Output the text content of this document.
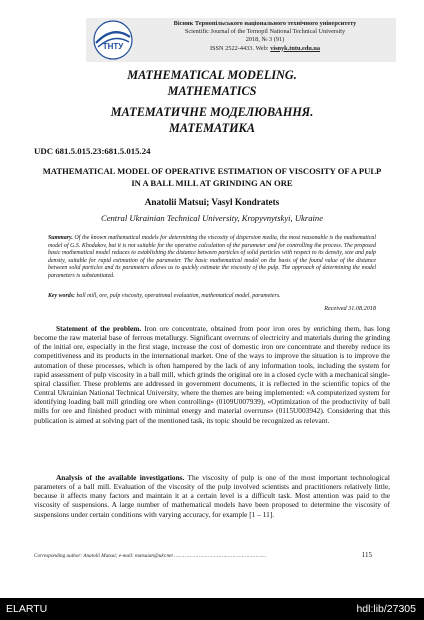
ТНТУ
Вісник Тернопільського національного технічного університету
Scientific Journal of the Ternopil National Technical University
2018, № 3 (91)
ISSN 2522-4433. Web: visnyk.tntu.edu.ua
MATHEMATICAL MODELING.
MATHEMATICS
МАТЕМАТИЧНЕ МОДЕЛЮВАННЯ.
МАТЕМАТИКА
UDC 681.5.015.23:681.5.015.24
MATHEMATICAL MODEL OF OPERATIVE ESTIMATION OF VISCOSITY OF A PULP IN A BALL MILL AT GRINDING AN ORE
Anatolii Matsui; Vasyl Kondratets
Central Ukrainian Technical University, Kropyvnytskyi, Ukraine
Summary. Of the known mathematical models for determining the viscosity of dispersion media, the most reasonable is the mathematical model of G.S. Khodakov, but it is not suitable for the operative calculation of the parameter and for controlling the process. The proposed basic mathematical model reduces to establishing the distance between particles of solid particles with respect to its density, size and pulp density, suitable for rapid estimation of the parameter. The basic mathematical model on the basis of the found value of the distance between solid particles and its parameters allows us to quickly estimate the viscosity of the pulp. The approach of determining the model parameters is substantiated.
Key words: ball mill, ore, pulp viscosity, operational evaluation, mathematical model, parameters.
Received 31.08.2018
Statement of the problem. Iron ore concentrate, obtained from poor iron ores by enriching them, has long become the raw material base of ferrous metallurgy. Significant overruns of electricity and materials during the grinding of the initial ore, especially in the first stage, increase the cost of domestic iron ore concentrate and thereby reduce its competitiveness and its products in the international market. One of the ways to improve the situation is to improve the automation of these processes, which is often hampered by the lack of any information tools, including the system for rapid assessment of pulp viscosity in a ball mill, which grinds the original ore in a closed cycle with a mechanical single-spiral classifier. These problems are addressed in government documents, it is reflected in the scientific topics of the Central Ukrainian National Technical University, where the themes are being implemented: «A computerized system for identifying loading ball mill grinding ore when controlling» (0109U007939), «Optimization of the productivity of ball mills for ore and finished product with minimal energy and material overruns» (0115U003942). Considering that this publication is aimed at solving part of the mentioned task, its topic should be recognized as relevant.
Analysis of the available investigations. The viscosity of pulp is one of the most important technological parameters of a ball mill. Evaluation of the viscosity of the pulp involved scientists and practitioners relatively little, because it affects many factors and maintain it at a certain level is a difficult task. Most attention was paid to the viscosity of suspensions. A large number of mathematical models have been proposed to determine the viscosity of suspensions under certain conditions with varying accuracy, for example [1 – 11].
Corresponding author: Anatolii Matsui; e-mail: matsuian@ukr.net ……………………………………………………	115
ELARTU	hdl:lib/27305
